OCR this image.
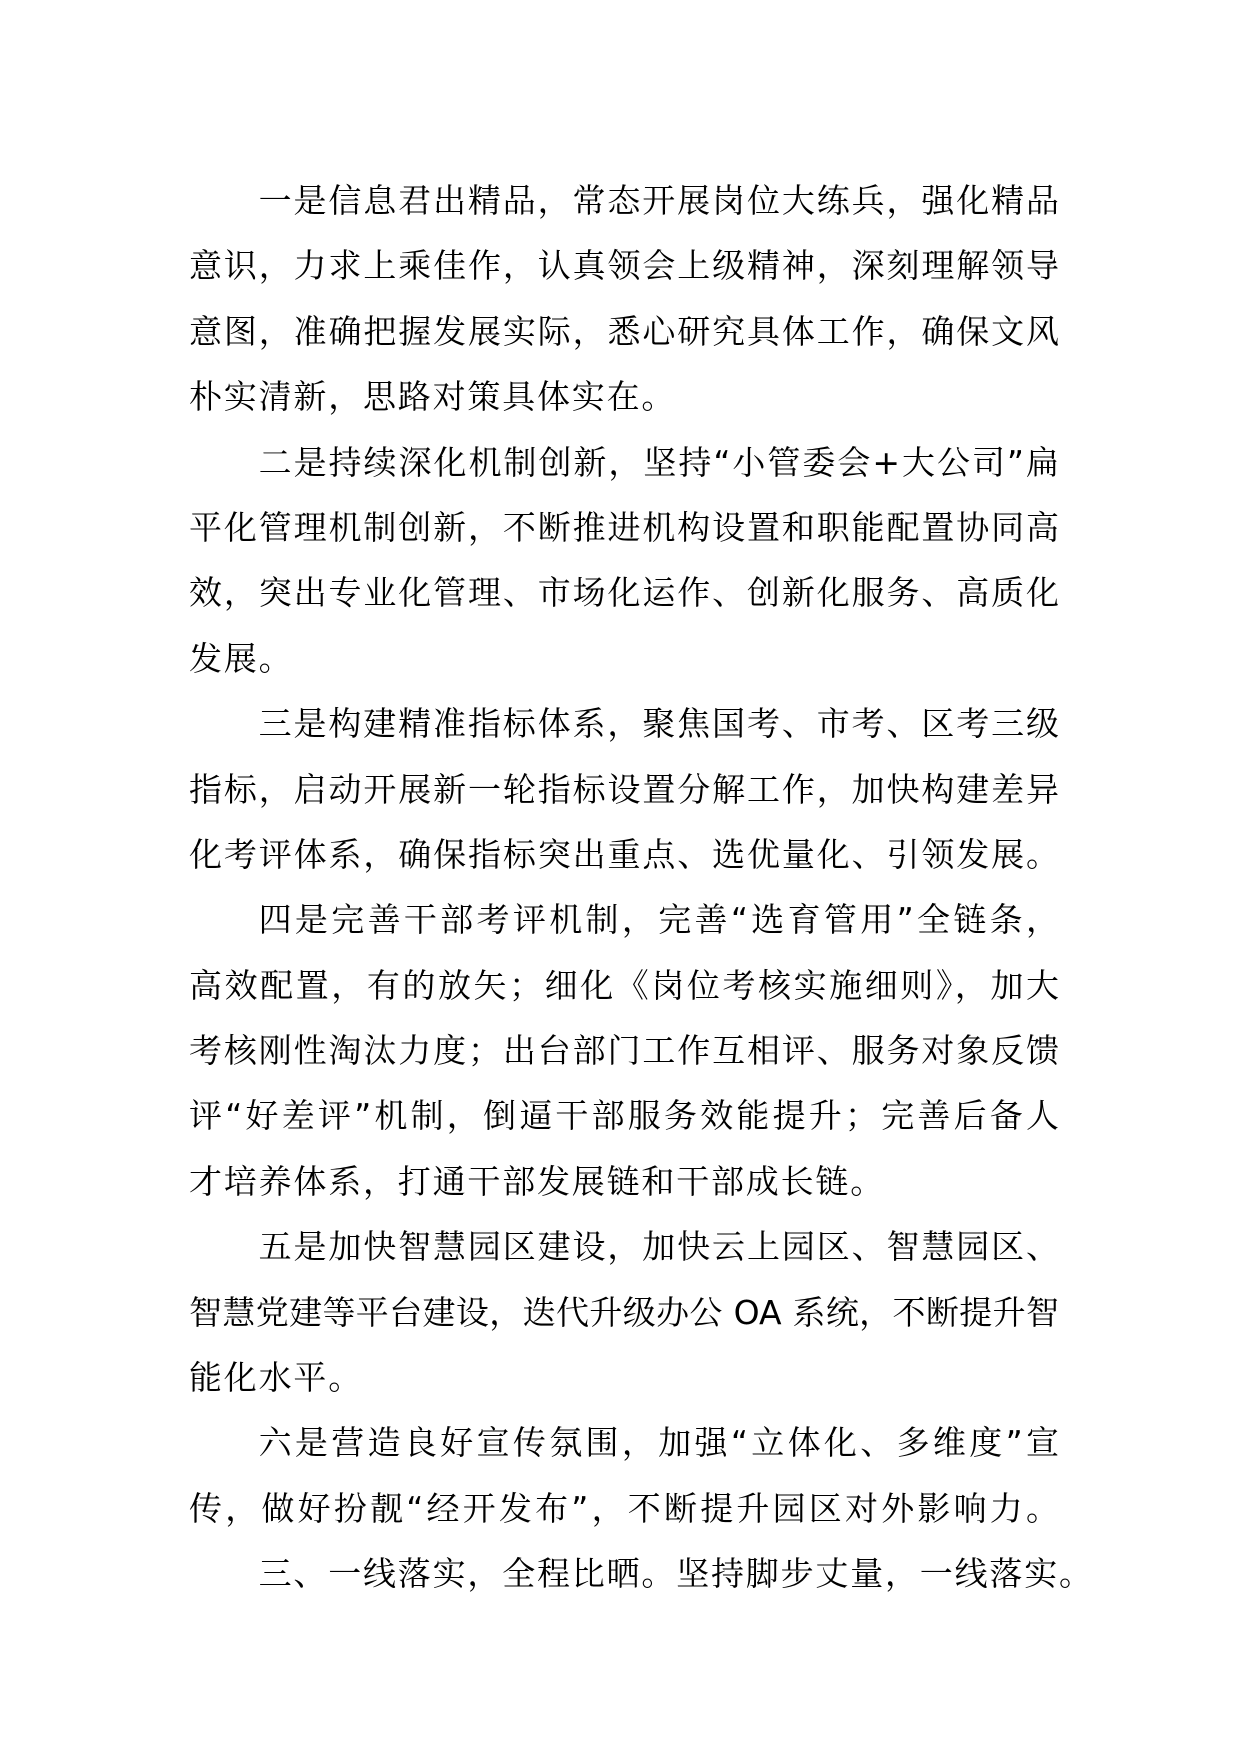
一是信息君出精品，常态开展岗位大练兵，强化精品
意识，力求上乘佳作，认真领会上级精神，深刻理解领导
意图，准确把握发展实际，悉心研究具体工作，确保文风
朴实清新，思路对策具体实在。
二是持续深化机制创新，坚持“小管委会+大公司”扁
平化管理机制创新，不断推进机构设置和职能配置协同高
效，突出专业化管理、市场化运作、创新化服务、高质化
发展。
三是构建精准指标体系，聚焦国考、市考、区考三级
指标，启动开展新一轮指标设置分解工作，加快构建差异
化考评体系，确保指标突出重点、选优量化、引领发展。
四是完善干部考评机制，完善“选育管用”全链条，
高效配置，有的放矢；细化《岗位考核实施细则》，加大
考核刚性淘汰力度；出台部门工作互相评、服务对象反馈
评“好差评”机制，倒逼干部服务效能提升；完善后备人
才培养体系，打通干部发展链和干部成长链。
五是加快智慧园区建设，加快云上园区、智慧园区、
智慧党建等平台建设，迭代升级办公 OA 系统，不断提升智
能化水平。
六是营造良好宣传氛围，加强“立体化、多维度”宣
传，做好扮靓“经开发布”，不断提升园区对外影响力。
三、一线落实，全程比晒。坚持脚步丈量，一线落实。
